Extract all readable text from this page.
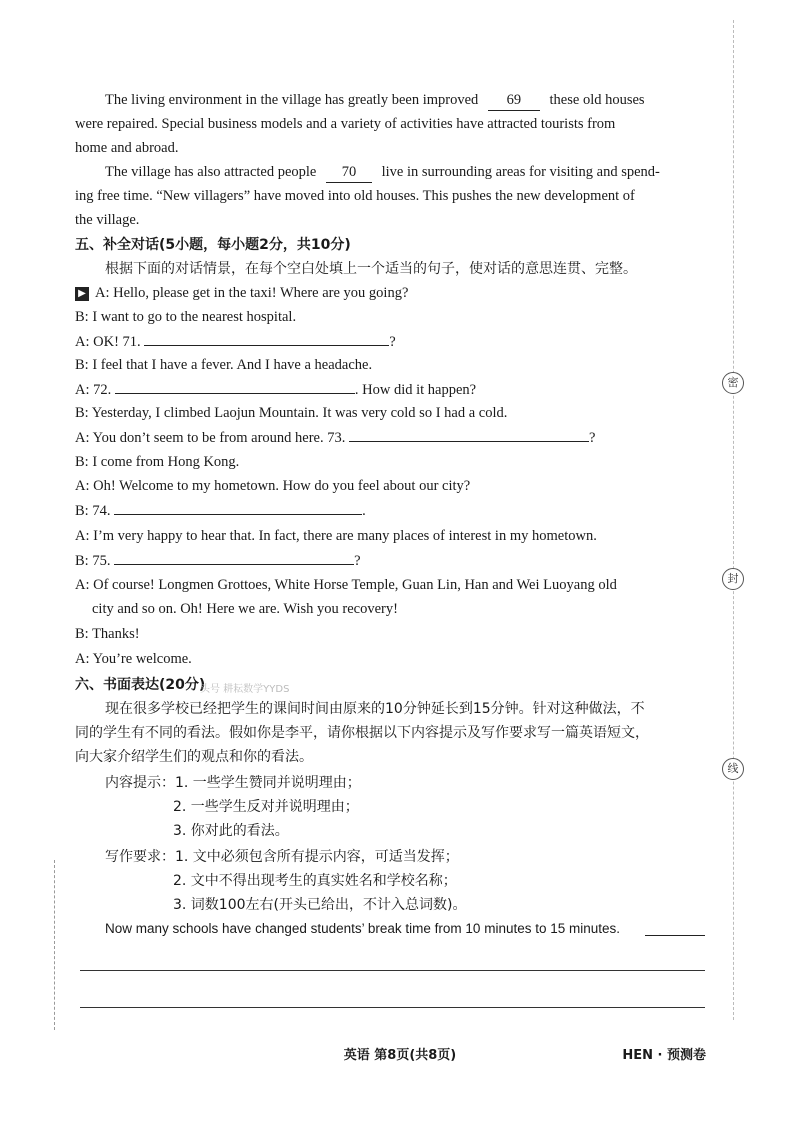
The living environment in the village has greatly been improved 69 these old houses
were repaired. Special business models and a variety of activities have attracted tourists from
home and abroad.
The village has also attracted people 70 live in surrounding areas for visiting and spend-
ing free time. “New villagers” have moved into old houses. This pushes the new development of
the village.
五、补全对话(5小题，每小题2分，共10分)
根据下面的对话情景，在每个空白处填上一个适当的句子，使对话的意思连贯、完整。
▶ A: Hello, please get in the taxi! Where are you going?
B: I want to go to the nearest hospital.
A: OK! 71.	?
B: I feel that I have a fever. And I have a headache.
A: 72.	. How did it happen?
B: Yesterday, I climbed Laojun Mountain. It was very cold so I had a cold.
A: You don’t seem to be from around here. 73.	?
B: I come from Hong Kong.
A: Oh! Welcome to my hometown. How do you feel about our city?
B: 74.	.
A: I’m very happy to hear that. In fact, there are many places of interest in my hometown.
B: 75.	?
A: Of course! Longmen Grottoes, White Horse Temple, Guan Lin, Han and Wei Luoyang old
city and so on. Oh! Here we are. Wish you recovery!
B: Thanks!
A: You’re welcome.
六、书面表达(20分)
头号 耕耘数学YYDS
现在很多学校已经把学生的课间时间由原来的10分钟延长到15分钟。针对这种做法，不
同的学生有不同的看法。假如你是李平，请你根据以下内容提示及写作要求写一篇英语短文，
向大家介绍学生们的观点和你的看法。
内容提示：1. 一些学生赞同并说明理由；
2. 一些学生反对并说明理由；
3. 你对此的看法。
写作要求：1. 文中必须包含所有提示内容，可适当发挥；
2. 文中不得出现考生的真实姓名和学校名称；
3. 词数100左右(开头已给出，不计入总词数)。
Now many schools have changed students’ break time from 10 minutes to 15 minutes.
密
封
线
英语 第8页(共8页)	HEN · 预测卷
